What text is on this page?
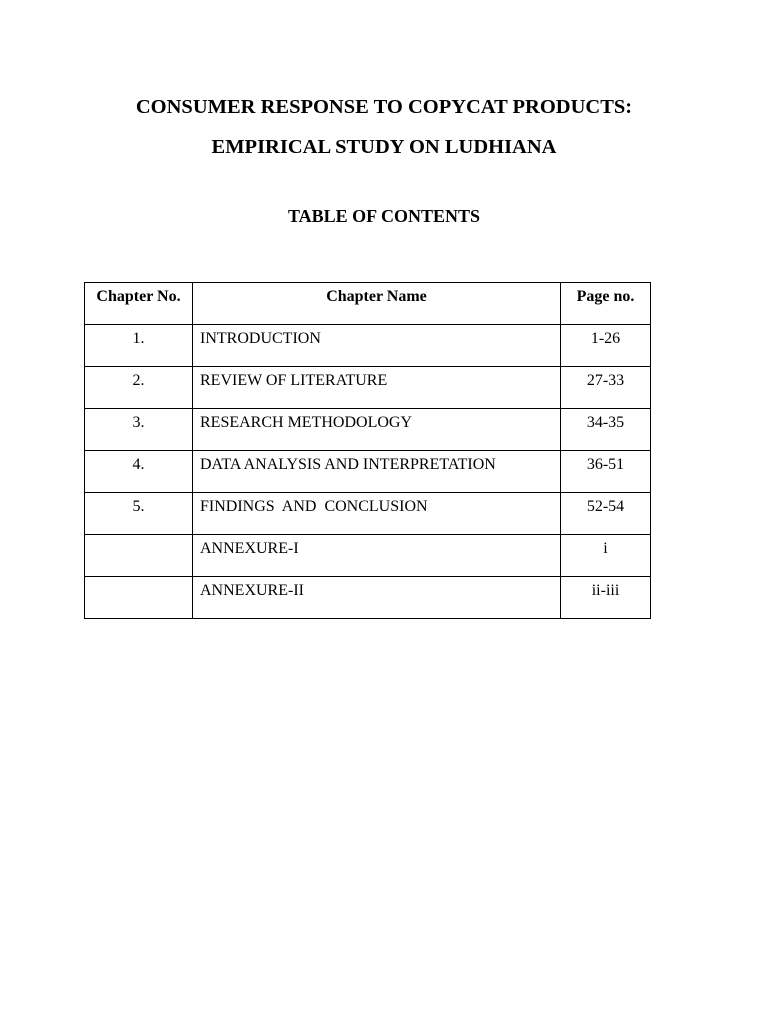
CONSUMER RESPONSE TO COPYCAT PRODUCTS:
EMPIRICAL STUDY ON LUDHIANA
TABLE OF CONTENTS
Chapter No.	Chapter Name	Page no.

1.	INTRODUCTION	1-26

2.	REVIEW OF LITERATURE	27-33

3.	RESEARCH METHODOLOGY	34-35

4.	DATA ANALYSIS AND INTERPRETATION	36-51

5.	FINDINGS  AND  CONCLUSION	52-54

	ANNEXURE-I	i

	ANNEXURE-II	ii-iii
